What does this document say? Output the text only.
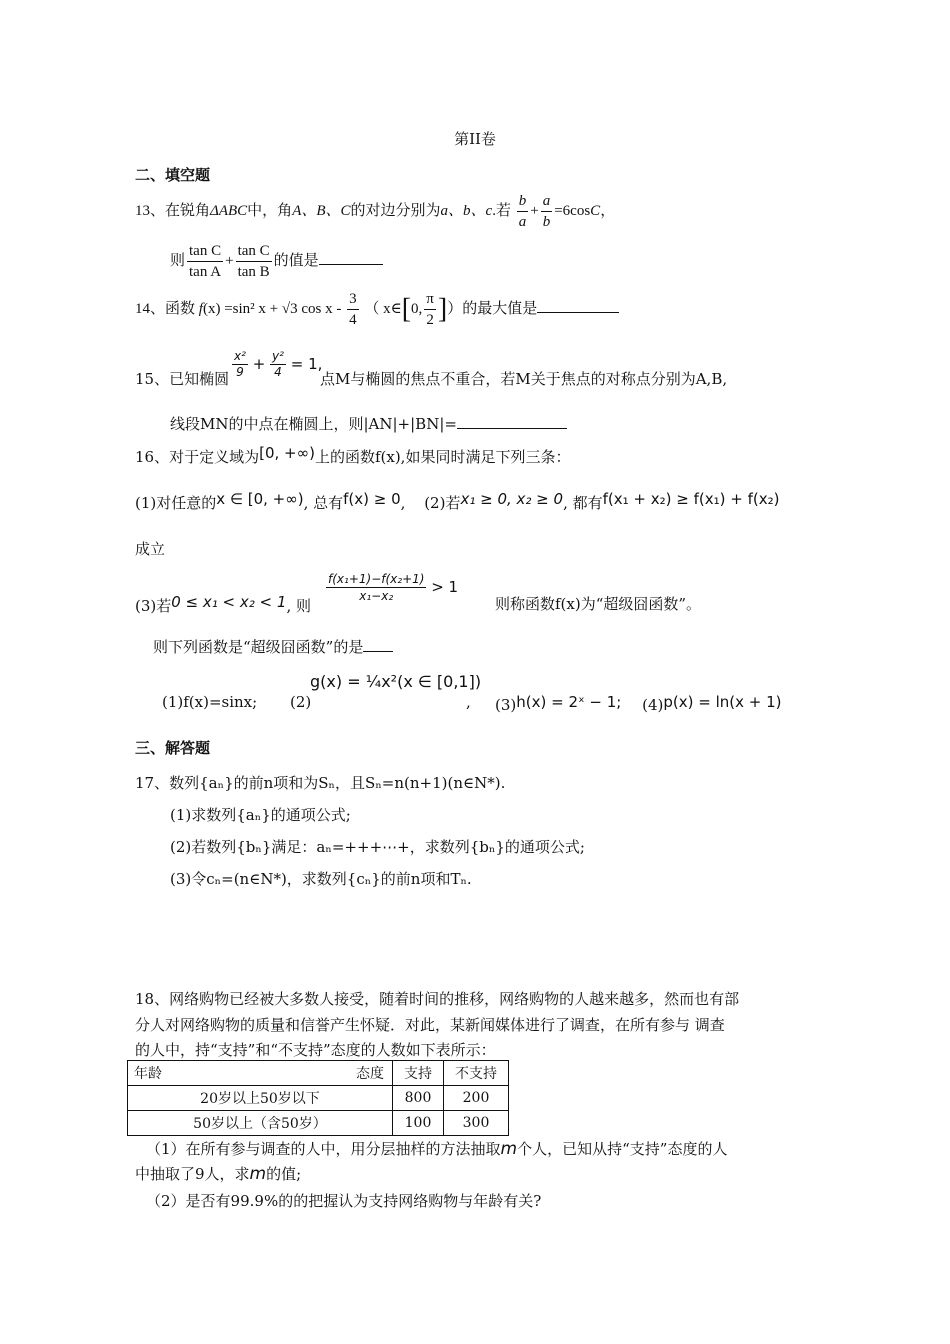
第II卷
二、填空题
13、在锐角ΔABC中，角A、B、C的对边分别为a、b、c.若 $\frac{b}{a} + \frac{a}{b} =6\cos C$，
则 $\frac{\text{tan C}}{\text{tan A}} + \frac{\text{tan C}}{\text{tan B}}$ 的值是
14、函数 f(x) =sin² x + √3 cos x - $\frac{3}{4}$ （ x∈[0, $\frac{\pi}{2}$ ]）的最大值是
15、已知椭圆 $\frac{\text{x²}}{9} + \frac{\text{y²}}{4} = 1$,
点M与椭圆的焦点不重合，若M关于焦点的对称点分别为A,B,
线段MN的中点在椭圆上，则|AN|+|BN|=
16、对于定义域为[0, +∞)上的函数f(x),如果同时满足下列三条：
(1)对任意的x ∈ [0, +∞), 总有f(x) ≥ 0, (2)若x₁ ≥ 0, x₂ ≥ 0, 都有f(x₁ + x₂) ≥ f(x₁) + f(x₂)
成立
(3)若0 ≤ x₁ < x₂ < 1, 则
$\frac{\text{f(x₁+1)−f(x₂+1)}}{\text{x₁−x₂}} > 1$
则称函数f(x)为“超级囧函数”。
则下列函数是“超级囧函数”的是
(1)f(x)=sinx; (2)
g(x) = ¼x²(x ∈ [0,1])
, (3)h(x) = 2ˣ − 1; (4)p(x) = ln(x + 1)
三、解答题
17、数列{aₙ}的前n项和为Sₙ，且Sₙ=n(n+1)(n∈N*).
(1)求数列{aₙ}的通项公式;
(2)若数列{bₙ}满足：aₙ=+++⋯+，求数列{bₙ}的通项公式;
(3)令cₙ=(n∈N*)，求数列{cₙ}的前n项和Tₙ.
18、网络购物已经被大多数人接受，随着时间的推移，网络购物的人越来越多，然而也有部
分人对网络购物的质量和信誉产生怀疑．对此，某新闻媒体进行了调查，在所有参与 调查
的人中，持“支持”和“不支持”态度的人数如下表所示：
年龄 态度	支持	不支持
20岁以上50岁以下	800	200
50岁以上（含50岁）	100	300
（1）在所有参与调查的人中，用分层抽样的方法抽取m个人，已知从持“支持”态度的人
中抽取了9人，求m的值;
（2）是否有99.9%的的把握认为支持网络购物与年龄有关?
